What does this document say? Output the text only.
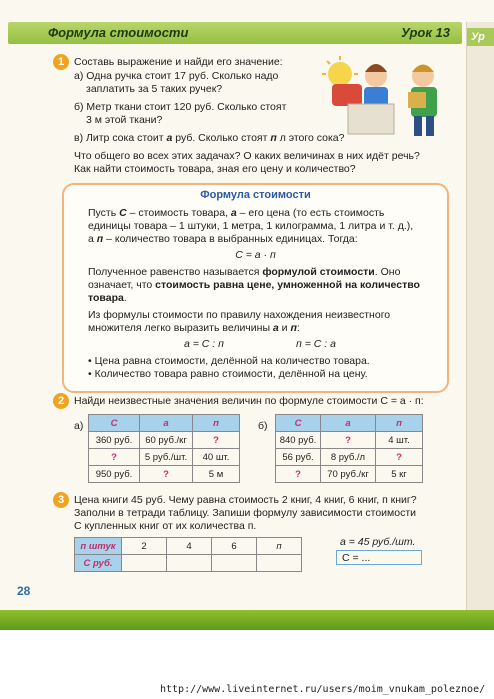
Ур
Формула стоимости	Урок 13
1 Составь выражение и найди его значение:
а) Одна ручка стоит 17 руб. Сколько надо
заплатить за 5 таких ручек?
б) Метр ткани стоит 120 руб. Сколько стоят
3 м этой ткани?
в) Литр сока стоит а руб. Сколько стоят п л этого сока?
Что общего во всех этих задачах? О каких величинах в них идёт речь?
Как найти стоимость товара, зная его цену и количество?
Формула стоимости
Пусть С – стоимость товара, а – его цена (то есть стоимость
единицы товара – 1 штуки, 1 метра, 1 килограмма, 1 литра и т. д.),
а п – количество товара в выбранных единицах. Тогда:
С = а · п
Полученное равенство называется формулой стоимости. Оно
означает, что стоимость равна цене, умноженной на количество
товара.
Из формулы стоимости по правилу нахождения неизвестного
множителя легко выразить величины а и п:
а = С : п	п = С : а
• Цена равна стоимости, делённой на количество товара.
• Количество товара равно стоимости, делённой на цену.
2 Найди неизвестные значения величин по формуле стоимости С = а · п:
а)	б)
С	а	п
360 руб.	60 руб./кг	?
?	5 руб./шт.	40 шт.
950 руб.	?	5 м
С	а	п
840 руб.	?	4 шт.
56 руб.	8 руб./л	?
?	70 руб./кг	5 кг
3 Цена книги 45 руб. Чему равна стоимость 2 книг, 4 книг, 6 книг, п книг?
Заполни в тетради таблицу. Запиши формулу зависимости стоимости
С купленных книг от их количества п.
п штук	2	4	6	п
С руб.				
а = 45 руб./шт.
С = ...
28
http://www.liveinternet.ru/users/moim_vnukam_poleznoe/
